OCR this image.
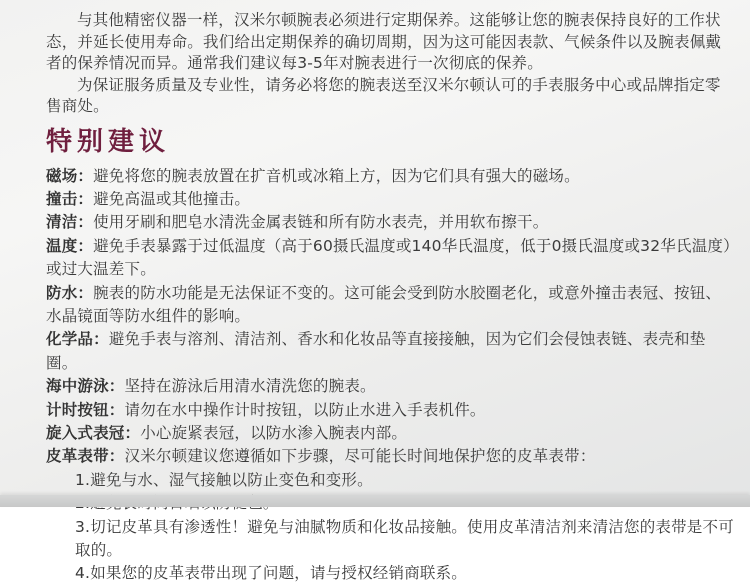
与其他精密仪器一样，汉米尔顿腕表必须进行定期保养。这能够让您的腕表保持良好的工作状态，并延长使用寿命。我们给出定期保养的确切周期，因为这可能因表款、气候条件以及腕表佩戴者的保养情况而异。通常我们建议每3-5年对腕表进行一次彻底的保养。

为保证服务质量及专业性，请务必将您的腕表送至汉米尔顿认可的手表服务中心或品牌指定零售商处。

特别建议

磁场：避免将您的腕表放置在扩音机或冰箱上方，因为它们具有强大的磁场。

撞击：避免高温或其他撞击。

清洁：使用牙刷和肥皂水清洗金属表链和所有防水表壳，并用软布擦干。

温度：避免手表暴露于过低温度（高于60摄氏温度或140华氏温度，低于0摄氏温度或32华氏温度）或过大温差下。

防水：腕表的防水功能是无法保证不变的。这可能会受到防水胶圈老化，或意外撞击表冠、按钮、水晶镜面等防水组件的影响。

化学品：避免手表与溶剂、清洁剂、香水和化妆品等直接接触，因为它们会侵蚀表链、表壳和垫圈。

海中游泳：坚持在游泳后用清水清洗您的腕表。

计时按钮：请勿在水中操作计时按钮，以防止水进入手表机件。

旋入式表冠：小心旋紧表冠，以防水渗入腕表内部。

皮革表带：汉米尔顿建议您遵循如下步骤，尽可能长时间地保护您的皮革表带：

1.避免与水、湿气接触以防止变色和变形。

3.切记皮革具有渗透性！避免与油腻物质和化妆品接触。使用皮革清洁剂来清洁您的表带是不可取的。

4.如果您的皮革表带出现了问题，请与授权经销商联系。
